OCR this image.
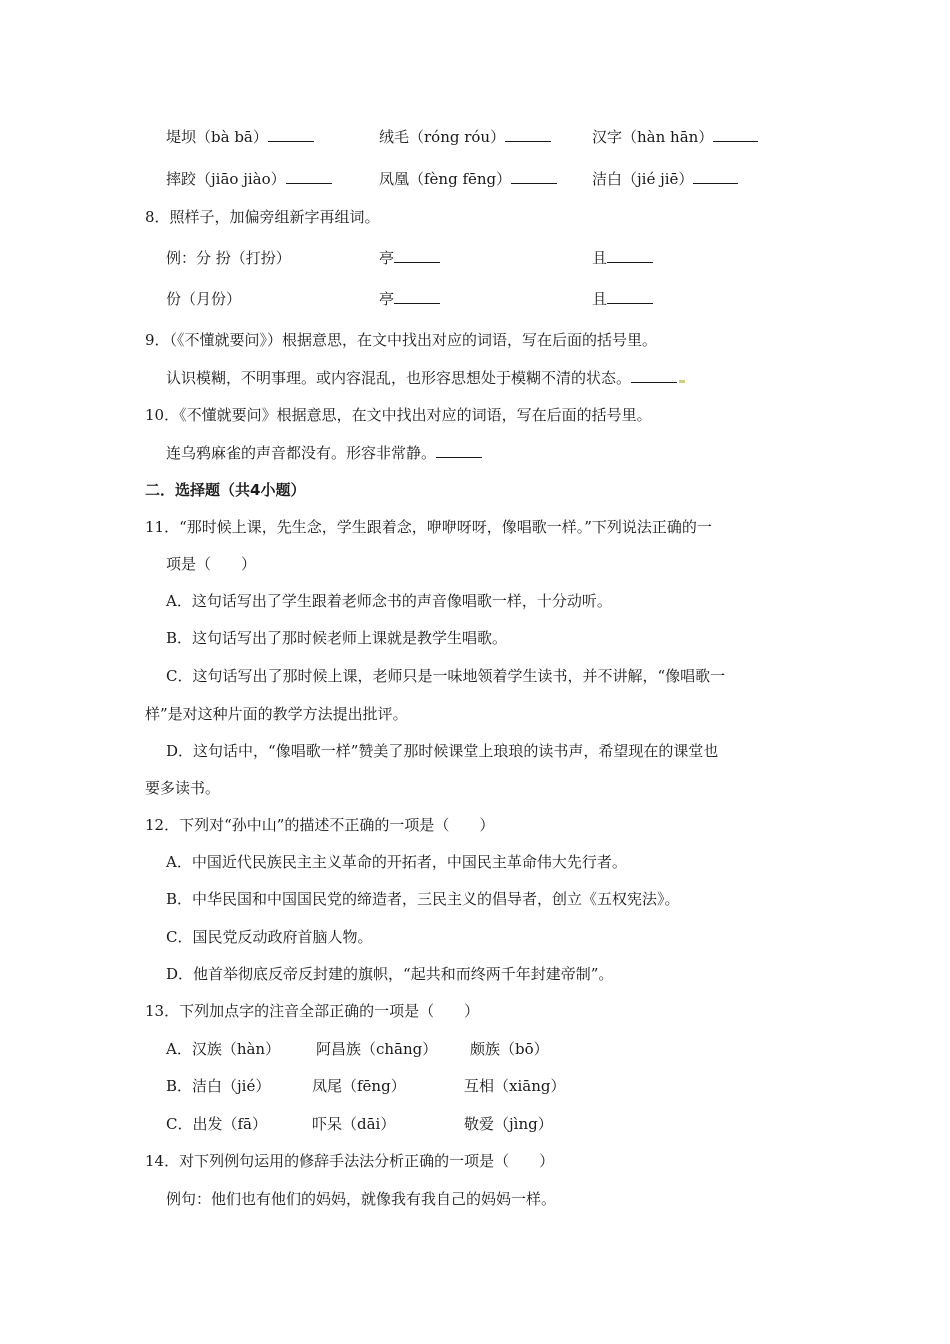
堤坝（bà bā）	绒毛（róng róu）	汉字（hàn hān）
摔跤（jiāo jiào）	凤凰（fèng fēng）	洁白（jié jiē）
8．照样子，加偏旁组新字再组词。
例：分 扮（打扮）	亭	且
份（月份）	亭	且
9．（《不懂就要问》）根据意思，在文中找出对应的词语，写在后面的括号里。
认识模糊，不明事理。或内容混乱，也形容思想处于模糊不清的状态。
10．《不懂就要问》根据意思，在文中找出对应的词语，写在后面的括号里。
连乌鸦麻雀的声音都没有。形容非常静。
二．选择题（共4小题）
11．“那时候上课，先生念，学生跟着念，咿咿呀呀，像唱歌一样。”下列说法正确的一
项是（　　）
A．这句话写出了学生跟着老师念书的声音像唱歌一样，十分动听。
B．这句话写出了那时候老师上课就是教学生唱歌。
C．这句话写出了那时候上课，老师只是一味地领着学生读书，并不讲解，“像唱歌一
样”是对这种片面的教学方法提出批评。
D．这句话中，“像唱歌一样”赞美了那时候课堂上琅琅的读书声，希望现在的课堂也
要多读书。
12．下列对“孙中山”的描述不正确的一项是（　　）
A．中国近代民族民主主义革命的开拓者，中国民主革命伟大先行者。
B．中华民国和中国国民党的缔造者，三民主义的倡导者，创立《五权宪法》。
C．国民党反动政府首脑人物。
D．他首举彻底反帝反封建的旗帜，“起共和而终两千年封建帝制”。
13．下列加点字的注音全部正确的一项是（　　）
A．汉族（hàn） 阿昌族（chāng） 颇族（bō）
B．洁白（jié）	凤尾（fēng）	互相（xiāng）
C．出发（fā）	吓呆（dāi）	敬爱（jìng）
14．对下列例句运用的修辞手法法分析正确的一项是（　　）
例句：他们也有他们的妈妈，就像我有我自己的妈妈一样。
